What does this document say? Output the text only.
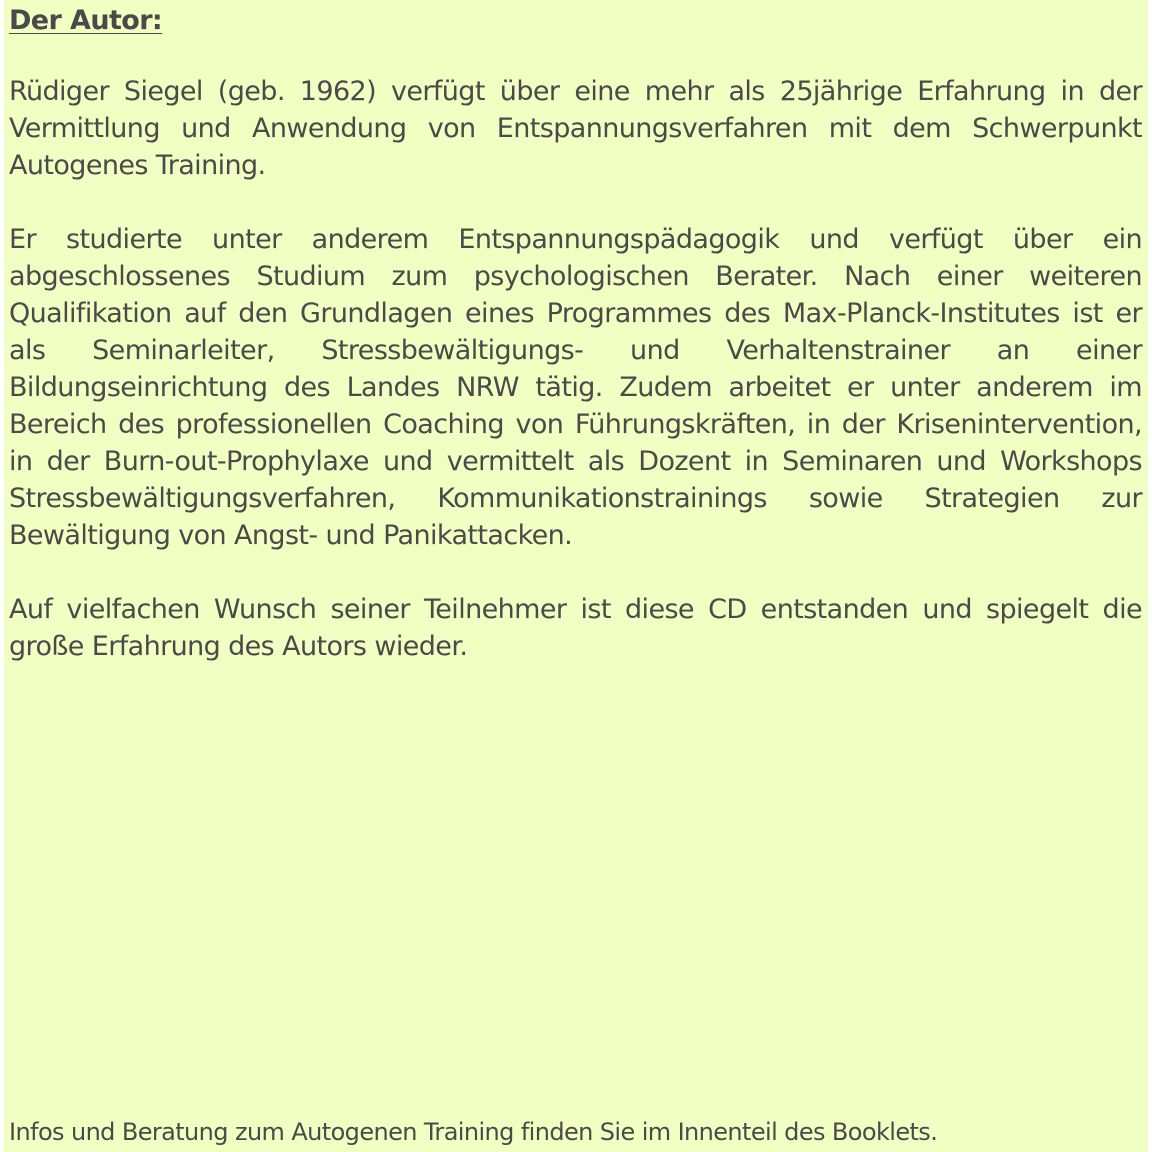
Der Autor:

Rüdiger Siegel (geb. 1962) verfügt über eine mehr als 25jährige Erfahrung in der Vermittlung und Anwendung von Entspannungsverfahren mit dem Schwerpunkt Autogenes Training.

Er studierte unter anderem Entspannungspädagogik und verfügt über ein abgeschlossenes Studium zum psychologischen Berater. Nach einer weiteren Qualifikation auf den Grundlagen eines Programmes des Max-Planck-Institutes ist er als Seminarleiter, Stressbewältigungs- und Verhaltenstrainer an einer Bildungseinrichtung des Landes NRW tätig. Zudem arbeitet er unter anderem im Bereich des professionellen Coaching von Führungskräften, in der Krisenintervention, in der Burn-out-Prophylaxe und vermittelt als Dozent in Seminaren und Workshops Stressbewältigungsverfahren, Kommunikationstrainings sowie Strategien zur Bewältigung von Angst- und Panikattacken.

Auf vielfachen Wunsch seiner Teilnehmer ist diese CD entstanden und spiegelt die große Erfahrung des Autors wieder.

Infos und Beratung zum Autogenen Training finden Sie im Innenteil des Booklets.
